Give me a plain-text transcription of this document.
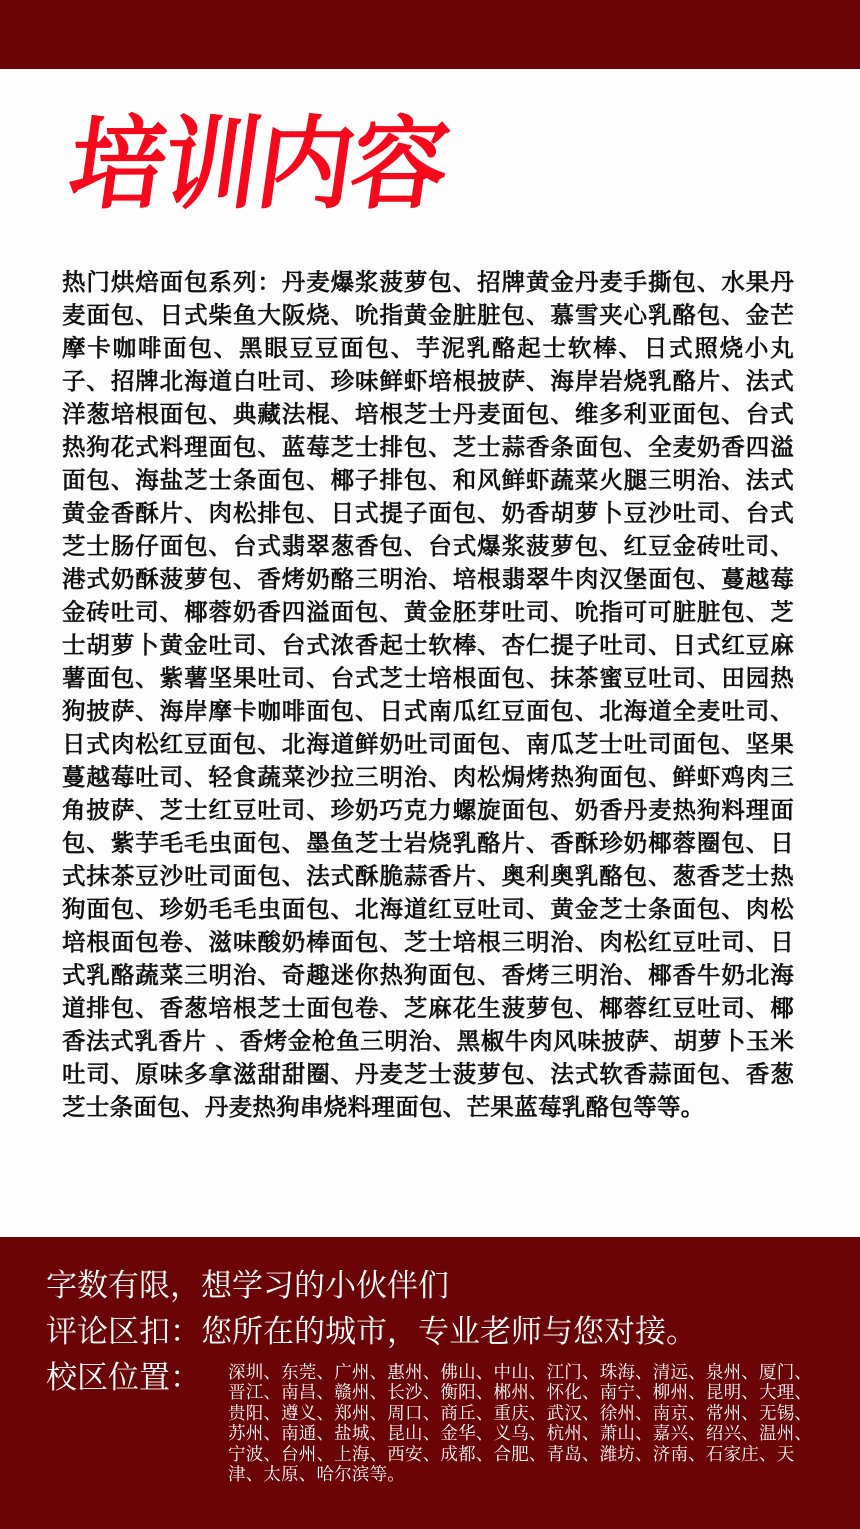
培训内容
热门烘焙面包系列：丹麦爆浆菠萝包、招牌黄金丹麦手撕包、水果丹麦面包、日式柴鱼大阪烧、吮指黄金脏脏包、慕雪夹心乳酪包、金芒摩卡咖啡面包、黑眼豆豆面包、芋泥乳酪起士软棒、日式照烧小丸子、招牌北海道白吐司、珍味鲜虾培根披萨、海岸岩烧乳酪片、法式洋葱培根面包、典藏法棍、培根芝士丹麦面包、维多利亚面包、台式热狗花式料理面包、蓝莓芝士排包、芝士蒜香条面包、全麦奶香四溢面包、海盐芝士条面包、椰子排包、和风鲜虾蔬菜火腿三明治、法式黄金香酥片、肉松排包、日式提子面包、奶香胡萝卜豆沙吐司、台式芝士肠仔面包、台式翡翠葱香包、台式爆浆菠萝包、红豆金砖吐司、港式奶酥菠萝包、香烤奶酪三明治、培根翡翠牛肉汉堡面包、蔓越莓金砖吐司、椰蓉奶香四溢面包、黄金胚芽吐司、吮指可可脏脏包、芝士胡萝卜黄金吐司、台式浓香起士软棒、杏仁提子吐司、日式红豆麻薯面包、紫薯坚果吐司、台式芝士培根面包、抹茶蜜豆吐司、田园热狗披萨、海岸摩卡咖啡面包、日式南瓜红豆面包、北海道全麦吐司、日式肉松红豆面包、北海道鲜奶吐司面包、南瓜芝士吐司面包、坚果蔓越莓吐司、轻食蔬菜沙拉三明治、肉松焗烤热狗面包、鲜虾鸡肉三角披萨、芝士红豆吐司、珍奶巧克力螺旋面包、奶香丹麦热狗料理面包、紫芋毛毛虫面包、墨鱼芝士岩烧乳酪片、香酥珍奶椰蓉圈包、日式抹茶豆沙吐司面包、法式酥脆蒜香片、奥利奥乳酪包、葱香芝士热狗面包、珍奶毛毛虫面包、北海道红豆吐司、黄金芝士条面包、肉松培根面包卷、滋味酸奶棒面包、芝士培根三明治、肉松红豆吐司、日式乳酪蔬菜三明治、奇趣迷你热狗面包、香烤三明治、椰香牛奶北海道排包、香葱培根芝士面包卷、芝麻花生菠萝包、椰蓉红豆吐司、椰香法式乳香片 、香烤金枪鱼三明治、黑椒牛肉风味披萨、胡萝卜玉米吐司、原味多拿滋甜甜圈、丹麦芝士菠萝包、法式软香蒜面包、香葱芝士条面包、丹麦热狗串烧料理面包、芒果蓝莓乳酪包等等。
字数有限，想学习的小伙伴们
评论区扣：您所在的城市，专业老师与您对接。
校区位置： 深圳、东莞、广州、惠州、佛山、中山、江门、珠海、清远、泉州、厦门、晋江、南昌、赣州、长沙、衡阳、郴州、怀化、南宁、柳州、昆明、大理、贵阳、遵义、郑州、周口、商丘、重庆、武汉、徐州、南京、常州、无锡、苏州、南通、盐城、昆山、金华、义乌、杭州、萧山、嘉兴、绍兴、温州、宁波、台州、上海、西安、成都、合肥、青岛、潍坊、济南、石家庄、天津、太原、哈尔滨等。
